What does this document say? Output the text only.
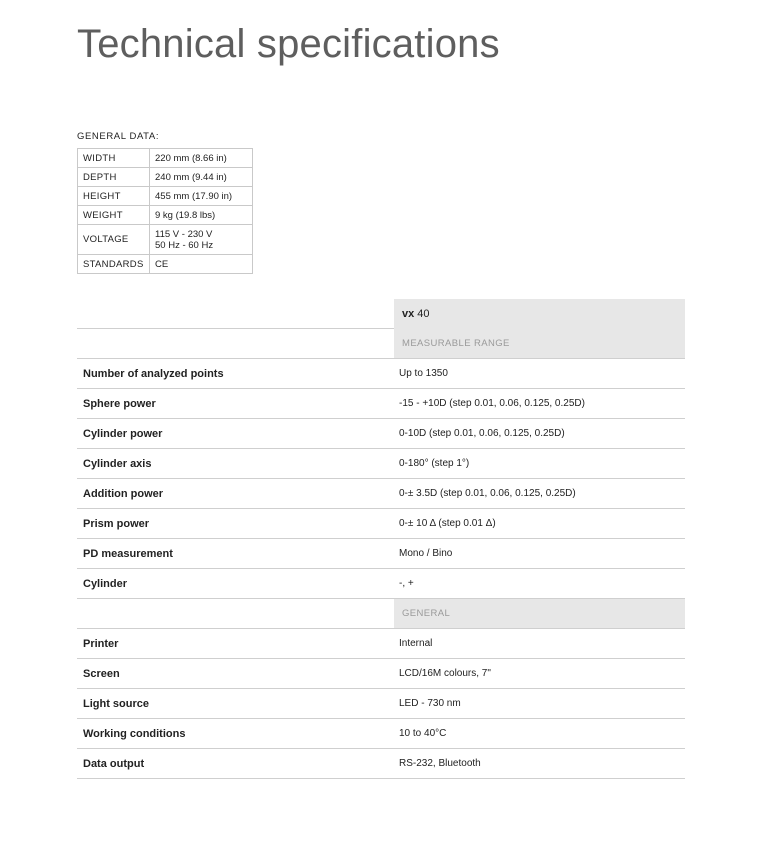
Technical specifications
GENERAL DATA:
WIDTH	220 mm (8.66 in)
DEPTH	240 mm (9.44 in)
HEIGHT	455 mm (17.90 in)
WEIGHT	9 kg (19.8 lbs)
VOLTAGE	115 V - 230 V
50 Hz - 60 Hz
STANDARDS	CE
vx 40
MEASURABLE RANGE
Number of analyzed points	Up to 1350
Sphere power	-15 - +10D (step 0.01, 0.06, 0.125, 0.25D)
Cylinder power	0-10D (step 0.01, 0.06, 0.125, 0.25D)
Cylinder axis	0-180° (step 1°)
Addition power	0-± 3.5D (step 0.01, 0.06, 0.125, 0.25D)
Prism power	0-± 10 Δ (step 0.01 Δ)
PD measurement	Mono / Bino
Cylinder	-, +
GENERAL
Printer	Internal
Screen	LCD/16M colours, 7"
Light source	LED - 730 nm
Working conditions	10 to 40°C
Data output	RS-232, Bluetooth
